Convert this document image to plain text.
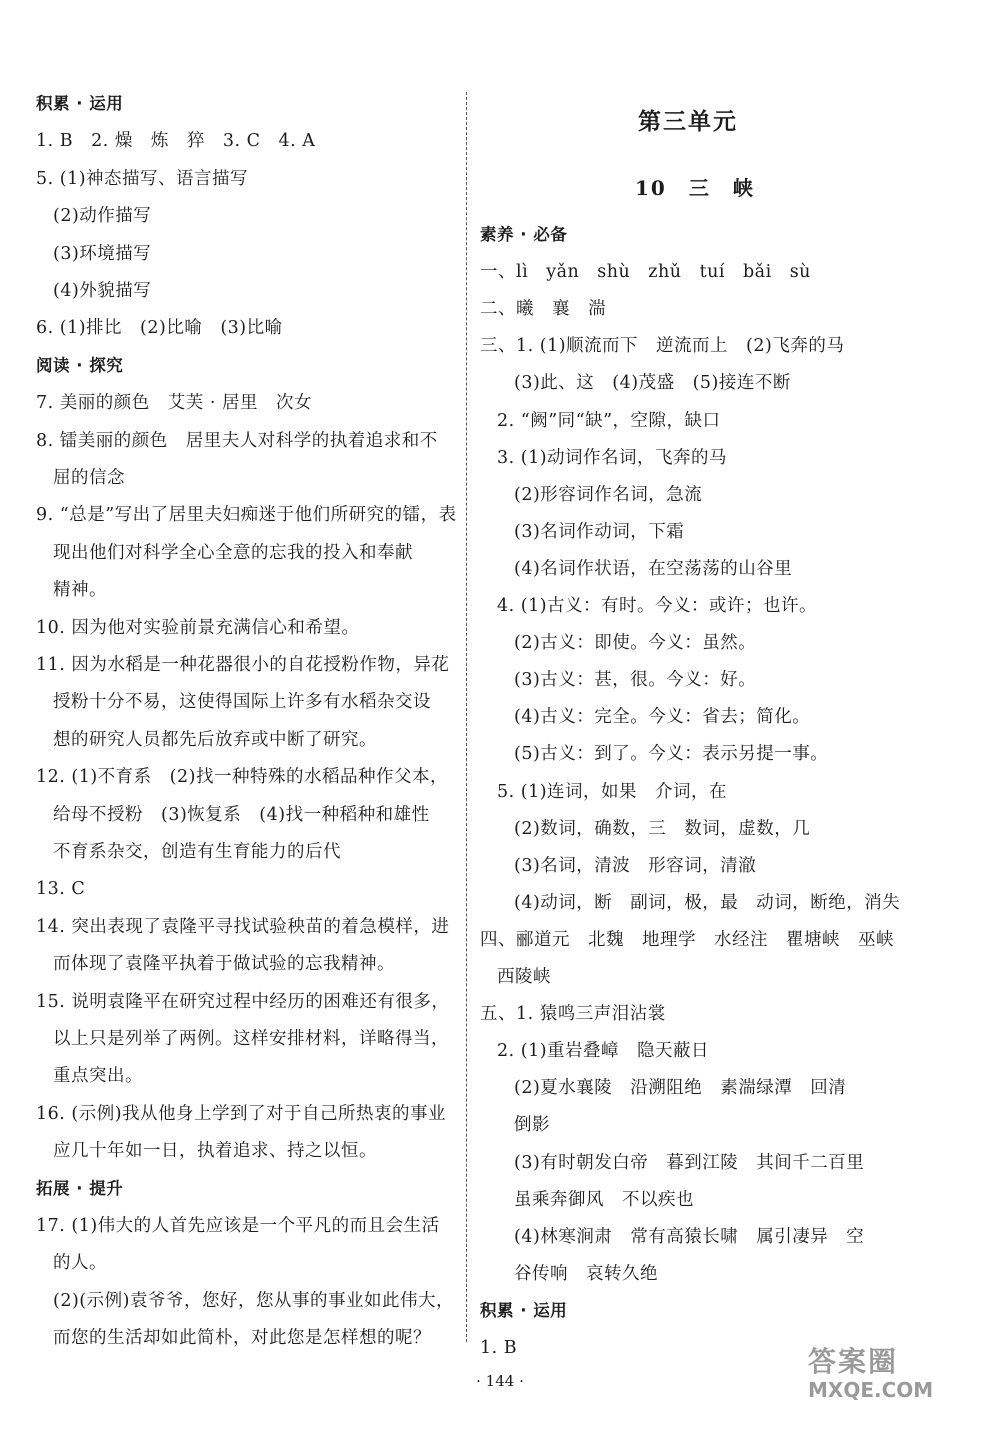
积累 · 运用
1. B　2. 燥　炼　猝　3. C　4. A
5. (1)神态描写、语言描写
(2)动作描写
(3)环境描写
(4)外貌描写
6. (1)排比　(2)比喻　(3)比喻
阅读 · 探究
7. 美丽的颜色　艾芙 · 居里　次女
8. 镭美丽的颜色　居里夫人对科学的执着追求和不
屈的信念
9. “总是”写出了居里夫妇痴迷于他们所研究的镭，表
现出他们对科学全心全意的忘我的投入和奉献
精神。
10. 因为他对实验前景充满信心和希望。
11. 因为水稻是一种花器很小的自花授粉作物，异花
授粉十分不易，这使得国际上许多有水稻杂交设
想的研究人员都先后放弃或中断了研究。
12. (1)不育系　(2)找一种特殊的水稻品种作父本，
给母不授粉　(3)恢复系　(4)找一种稻种和雄性
不育系杂交，创造有生育能力的后代
13. C
14. 突出表现了袁隆平寻找试验秧苗的着急模样，进
而体现了袁隆平执着于做试验的忘我精神。
15. 说明袁隆平在研究过程中经历的困难还有很多，
以上只是列举了两例。这样安排材料，详略得当，
重点突出。
16. (示例)我从他身上学到了对于自己所热衷的事业
应几十年如一日，执着追求、持之以恒。
拓展 · 提升
17. (1)伟大的人首先应该是一个平凡的而且会生活
的人。
(2)(示例)袁爷爷，您好，您从事的事业如此伟大，
而您的生活却如此简朴，对此您是怎样想的呢？
第三单元
10　三　峡
素养 · 必备
一、lì　yǎn　shù　zhǔ　tuí　bǎi　sù
二、曦　襄　湍
三、1. (1)顺流而下　逆流而上　(2)飞奔的马
(3)此、这　(4)茂盛　(5)接连不断
2. “阙”同“缺”，空隙，缺口
3. (1)动词作名词，飞奔的马
(2)形容词作名词，急流
(3)名词作动词，下霜
(4)名词作状语，在空荡荡的山谷里
4. (1)古义：有时。今义：或许；也许。
(2)古义：即使。今义：虽然。
(3)古义：甚，很。今义：好。
(4)古义：完全。今义：省去；简化。
(5)古义：到了。今义：表示另提一事。
5. (1)连词，如果　介词，在
(2)数词，确数，三　数词，虚数，几
(3)名词，清波　形容词，清澈
(4)动词，断　副词，极，最　动词，断绝，消失
四、郦道元　北魏　地理学　水经注　瞿塘峡　巫峡
西陵峡
五、1. 猿鸣三声泪沾裳
2. (1)重岩叠嶂　隐天蔽日
(2)夏水襄陵　沿溯阻绝　素湍绿潭　回清
倒影
(3)有时朝发白帝　暮到江陵　其间千二百里
虽乘奔御风　不以疾也
(4)林寒涧肃　常有高猿长啸　属引凄异　空
谷传响　哀转久绝
积累 · 运用
1. B
· 144 ·
答案圈
MXQE.COM
